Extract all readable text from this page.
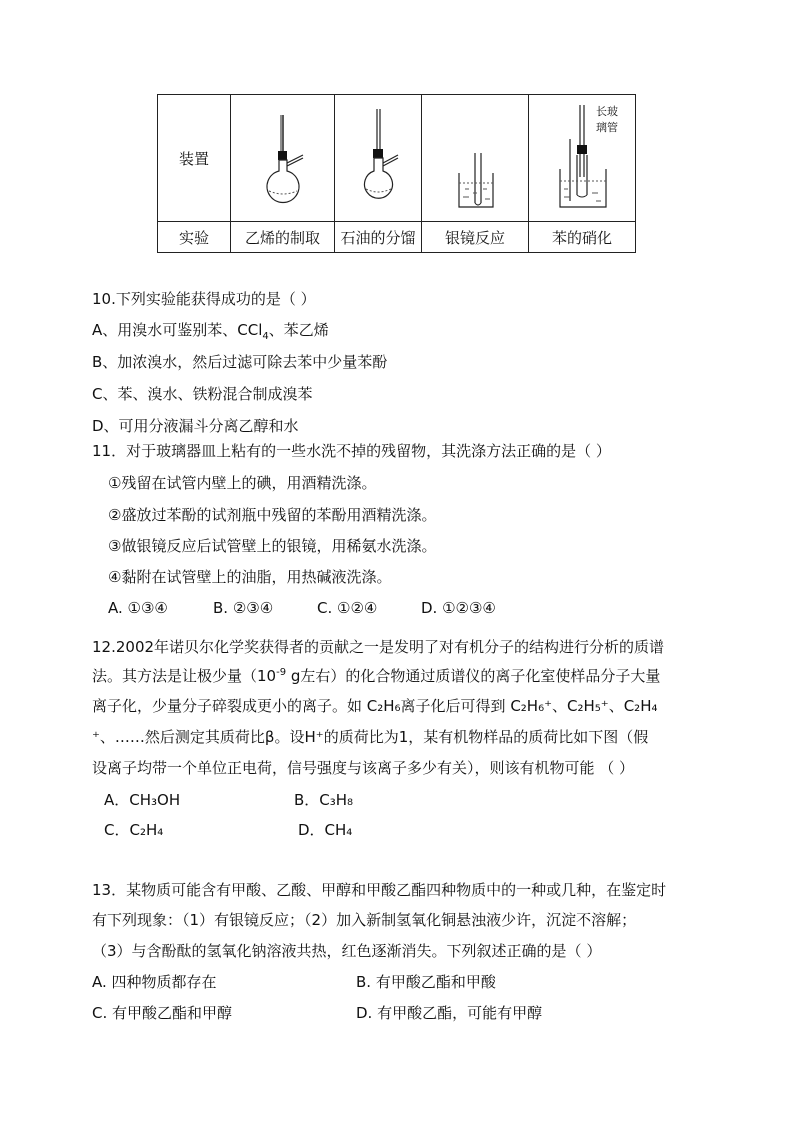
装置				长玻
璃管

实验	乙烯的制取	石油的分馏	银镜反应	苯的硝化
10.下列实验能获得成功的是（ ）
A、用溴水可鉴别苯、CCl$_4$、苯乙烯
B、加浓溴水，然后过滤可除去苯中少量苯酚
C、苯、溴水、铁粉混合制成溴苯
D、可用分液漏斗分离乙醇和水
11．对于玻璃器皿上粘有的一些水洗不掉的残留物，其洗涤方法正确的是（ ）
①残留在试管内壁上的碘，用酒精洗涤。
②盛放过苯酚的试剂瓶中残留的苯酚用酒精洗涤。
③做银镜反应后试管壁上的银镜，用稀氨水洗涤。
④黏附在试管壁上的油脂，用热碱液洗涤。
A. ①③④	B. ②③④	C. ①②④	D. ①②③④
12.2002年诺贝尔化学奖获得者的贡献之一是发明了对有机分子的结构进行分析的质谱
法。其方法是让极少量（$10^{-9}$ g左右）的化合物通过质谱仪的离子化室使样品分子大量
离子化，少量分子碎裂成更小的离子。如 C₂H₆离子化后可得到 C₂H₆⁺、C₂H₅⁺、C₂H₄
⁺、……然后测定其质荷比β。设H⁺的质荷比为1，某有机物样品的质荷比如下图（假
设离子均带一个单位正电荷，信号强度与该离子多少有关），则该有机物可能 （ ）
A．CH₃OH	B．C₃H₈
C．C₂H₄	D．CH₄
13．某物质可能含有甲酸、乙酸、甲醇和甲酸乙酯四种物质中的一种或几种，在鉴定时
有下列现象：（1）有银镜反应；（2）加入新制氢氧化铜悬浊液少许，沉淀不溶解；
（3）与含酚酞的氢氧化钠溶液共热，红色逐渐消失。下列叙述正确的是（ ）
A. 四种物质都存在	B. 有甲酸乙酯和甲酸
C. 有甲酸乙酯和甲醇	D. 有甲酸乙酯，可能有甲醇
